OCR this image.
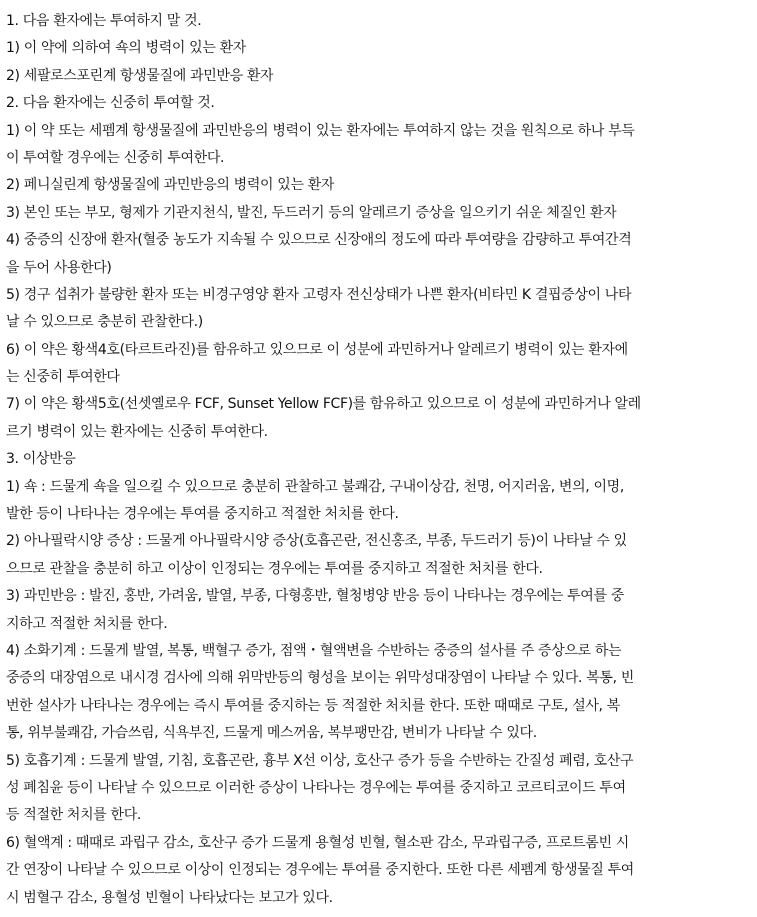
1. 다음 환자에는 투여하지 말 것.
1) 이 약에 의하여 쇽의 병력이 있는 환자
2) 세팔로스포린계 항생물질에 과민반응 환자
2. 다음 환자에는 신중히 투여할 것.
1) 이 약 또는 세펨계 항생물질에 과민반응의 병력이 있는 환자에는 투여하지 않는 것을 원칙으로 하나 부득
이 투여할 경우에는 신중히 투여한다.
2) 페니실린계 항생물질에 과민반응의 병력이 있는 환자
3) 본인 또는 부모, 형제가 기관지천식, 발진, 두드러기 등의 알레르기 증상을 일으키기 쉬운 체질인 환자
4) 중증의 신장애 환자(혈중 농도가 지속될 수 있으므로 신장애의 정도에 따라 투여량을 감량하고 투여간격
을 두어 사용한다)
5) 경구 섭취가 불량한 환자 또는 비경구영양 환자 고령자 전신상태가 나쁜 환자(비타민 K 결핍증상이 나타
날 수 있으므로 충분히 관찰한다.)
6) 이 약은 황색4호(타르트라진)를 함유하고 있으므로 이 성분에 과민하거나 알레르기 병력이 있는 환자에
는 신중히 투여한다
7) 이 약은 황색5호(선셋옐로우 FCF, Sunset Yellow FCF)를 함유하고 있으므로 이 성분에 과민하거나 알레
르기 병력이 있는 환자에는 신중히 투여한다.
3. 이상반응
1) 쇽 : 드물게 쇽을 일으킬 수 있으므로 충분히 관찰하고 불쾌감, 구내이상감, 천명, 어지러움, 변의, 이명,
발한 등이 나타나는 경우에는 투여를 중지하고 적절한 처치를 한다.
2) 아나필락시양 증상 : 드물게 아나필락시양 증상(호흡곤란, 전신홍조, 부종, 두드러기 등)이 나타날 수 있
으므로 관찰을 충분히 하고 이상이 인정되는 경우에는 투여를 중지하고 적절한 처치를 한다.
3) 과민반응 : 발진, 홍반, 가려움, 발열, 부종, 다형홍반, 혈청병양 반응 등이 나타나는 경우에는 투여를 중
지하고 적절한 처치를 한다.
4) 소화기계 : 드물게 발열, 복통, 백혈구 증가, 점액・혈액변을 수반하는 중증의 설사를 주 증상으로 하는
중증의 대장염으로 내시경 검사에 의해 위막반등의 형성을 보이는 위막성대장염이 나타날 수 있다. 복통, 빈
번한 설사가 나타나는 경우에는 즉시 투여를 중지하는 등 적절한 처치를 한다. 또한 때때로 구토, 설사, 복
통, 위부불쾌감, 가슴쓰림, 식욕부진, 드물게 메스꺼움, 복부팽만감, 변비가 나타날 수 있다.
5) 호흡기계 : 드물게 발열, 기침, 호흡곤란, 흉부 X선 이상, 호산구 증가 등을 수반하는 간질성 폐렴, 호산구
성 폐침윤 등이 나타날 수 있으므로 이러한 증상이 나타나는 경우에는 투여를 중지하고 코르티코이드 투여
등 적절한 처치를 한다.
6) 혈액계 : 때때로 과립구 감소, 호산구 증가 드물게 용혈성 빈혈, 혈소판 감소, 무과립구증, 프로트롬빈 시
간 연장이 나타날 수 있으므로 이상이 인정되는 경우에는 투여를 중지한다. 또한 다른 세펨계 항생물질 투여
시 범혈구 감소, 용혈성 빈혈이 나타났다는 보고가 있다.
